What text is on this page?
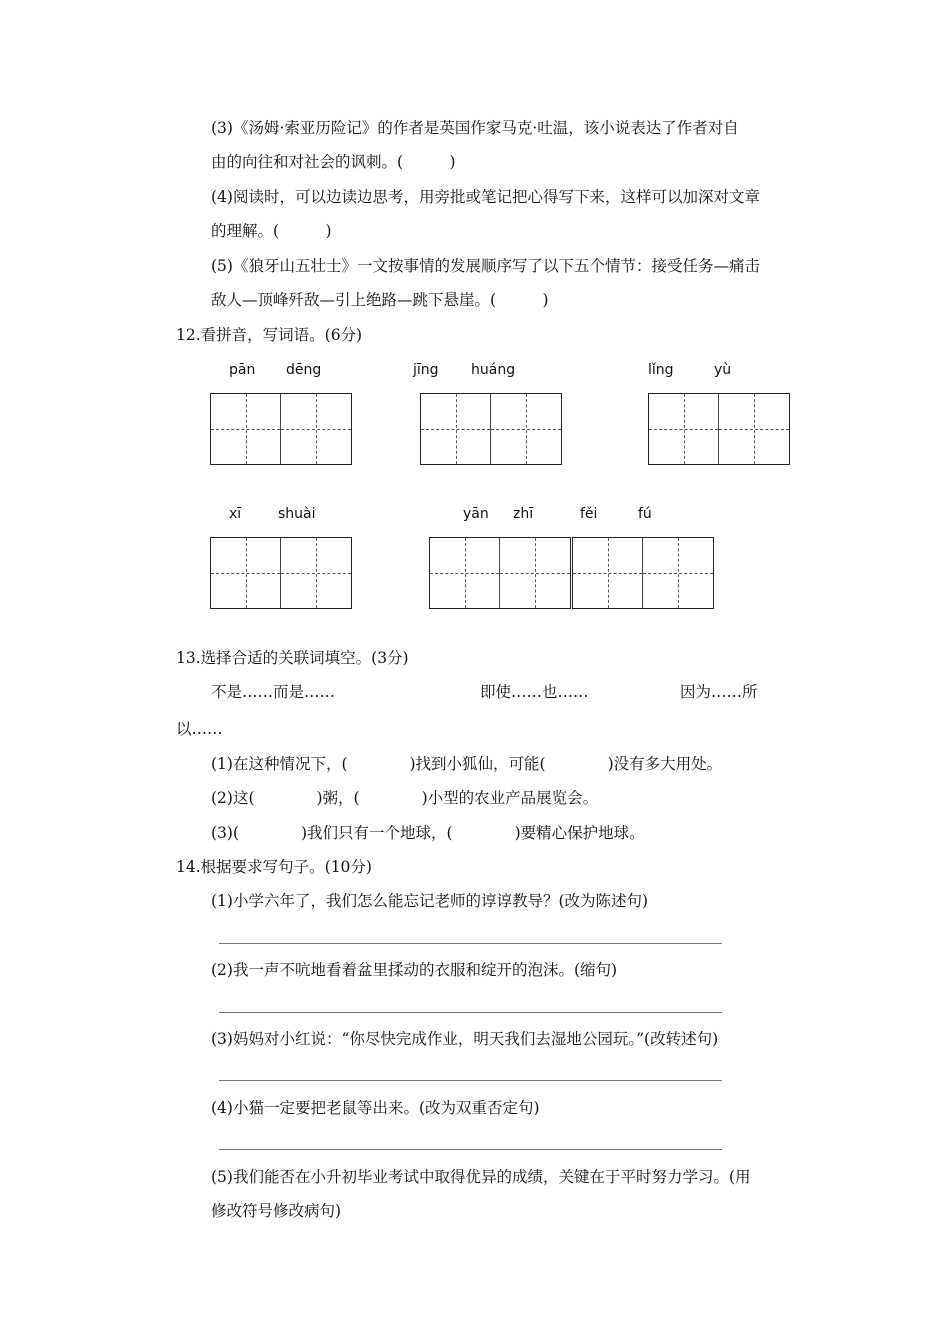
(3)《汤姆·索亚历险记》的作者是英国作家马克·吐温，该小说表达了作者对自
由的向往和对社会的讽刺。(　　　)
(4)阅读时，可以边读边思考，用旁批或笔记把心得写下来，这样可以加深对文章
的理解。(　　　)
(5)《狼牙山五壮士》一文按事情的发展顺序写了以下五个情节：接受任务—痛击
敌人—顶峰歼敌—引上绝路—跳下悬崖。(　　　)
12.看拼音，写词语。(6分)
pān dēng	jīng huáng	lǐng	yù
xī	shuài	yān zhī	fěi	fú
13.选择合适的关联词填空。(3分)
不是……而是……	即使……也……	因为……所
以……
(1)在这种情况下，(　　　　)找到小狐仙，可能(　　　　)没有多大用处。
(2)这(　　　　)粥，(　　　　)小型的农业产品展览会。
(3)(　　　　)我们只有一个地球，(　　　　)要精心保护地球。
14.根据要求写句子。(10分)
(1)小学六年了，我们怎么能忘记老师的谆谆教导？(改为陈述句)
(2)我一声不吭地看着盆里揉动的衣服和绽开的泡沫。(缩句)
(3)妈妈对小红说：“你尽快完成作业，明天我们去湿地公园玩。”(改转述句)
(4)小猫一定要把老鼠等出来。(改为双重否定句)
(5)我们能否在小升初毕业考试中取得优异的成绩，关键在于平时努力学习。(用
修改符号修改病句)
